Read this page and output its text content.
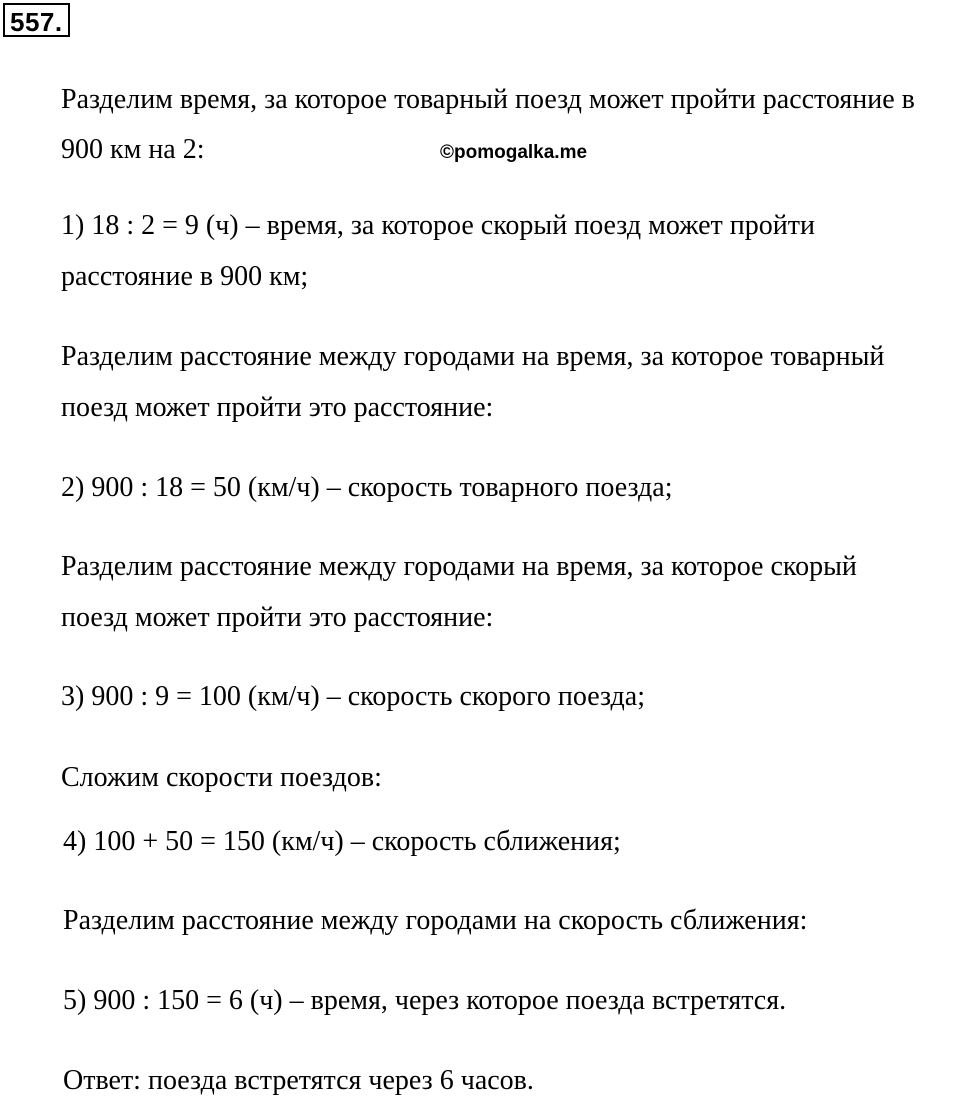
557.
©pomogalka.me
Разделим время, за которое товарный поезд может пройти расстояние в
900 км на 2:
1) 18 : 2 = 9 (ч) – время, за которое скорый поезд может пройти
расстояние в 900 км;
Разделим расстояние между городами на время, за которое товарный
поезд может пройти это расстояние:
2) 900 : 18 = 50 (км/ч) – скорость товарного поезда;
Разделим расстояние между городами на время, за которое скорый
поезд может пройти это расстояние:
3) 900 : 9 = 100 (км/ч) – скорость скорого поезда;
Сложим скорости поездов:
4) 100 + 50 = 150 (км/ч) – скорость сближения;
Разделим расстояние между городами на скорость сближения:
5) 900 : 150 = 6 (ч) – время, через которое поезда встретятся.
Ответ: поезда встретятся через 6 часов.
